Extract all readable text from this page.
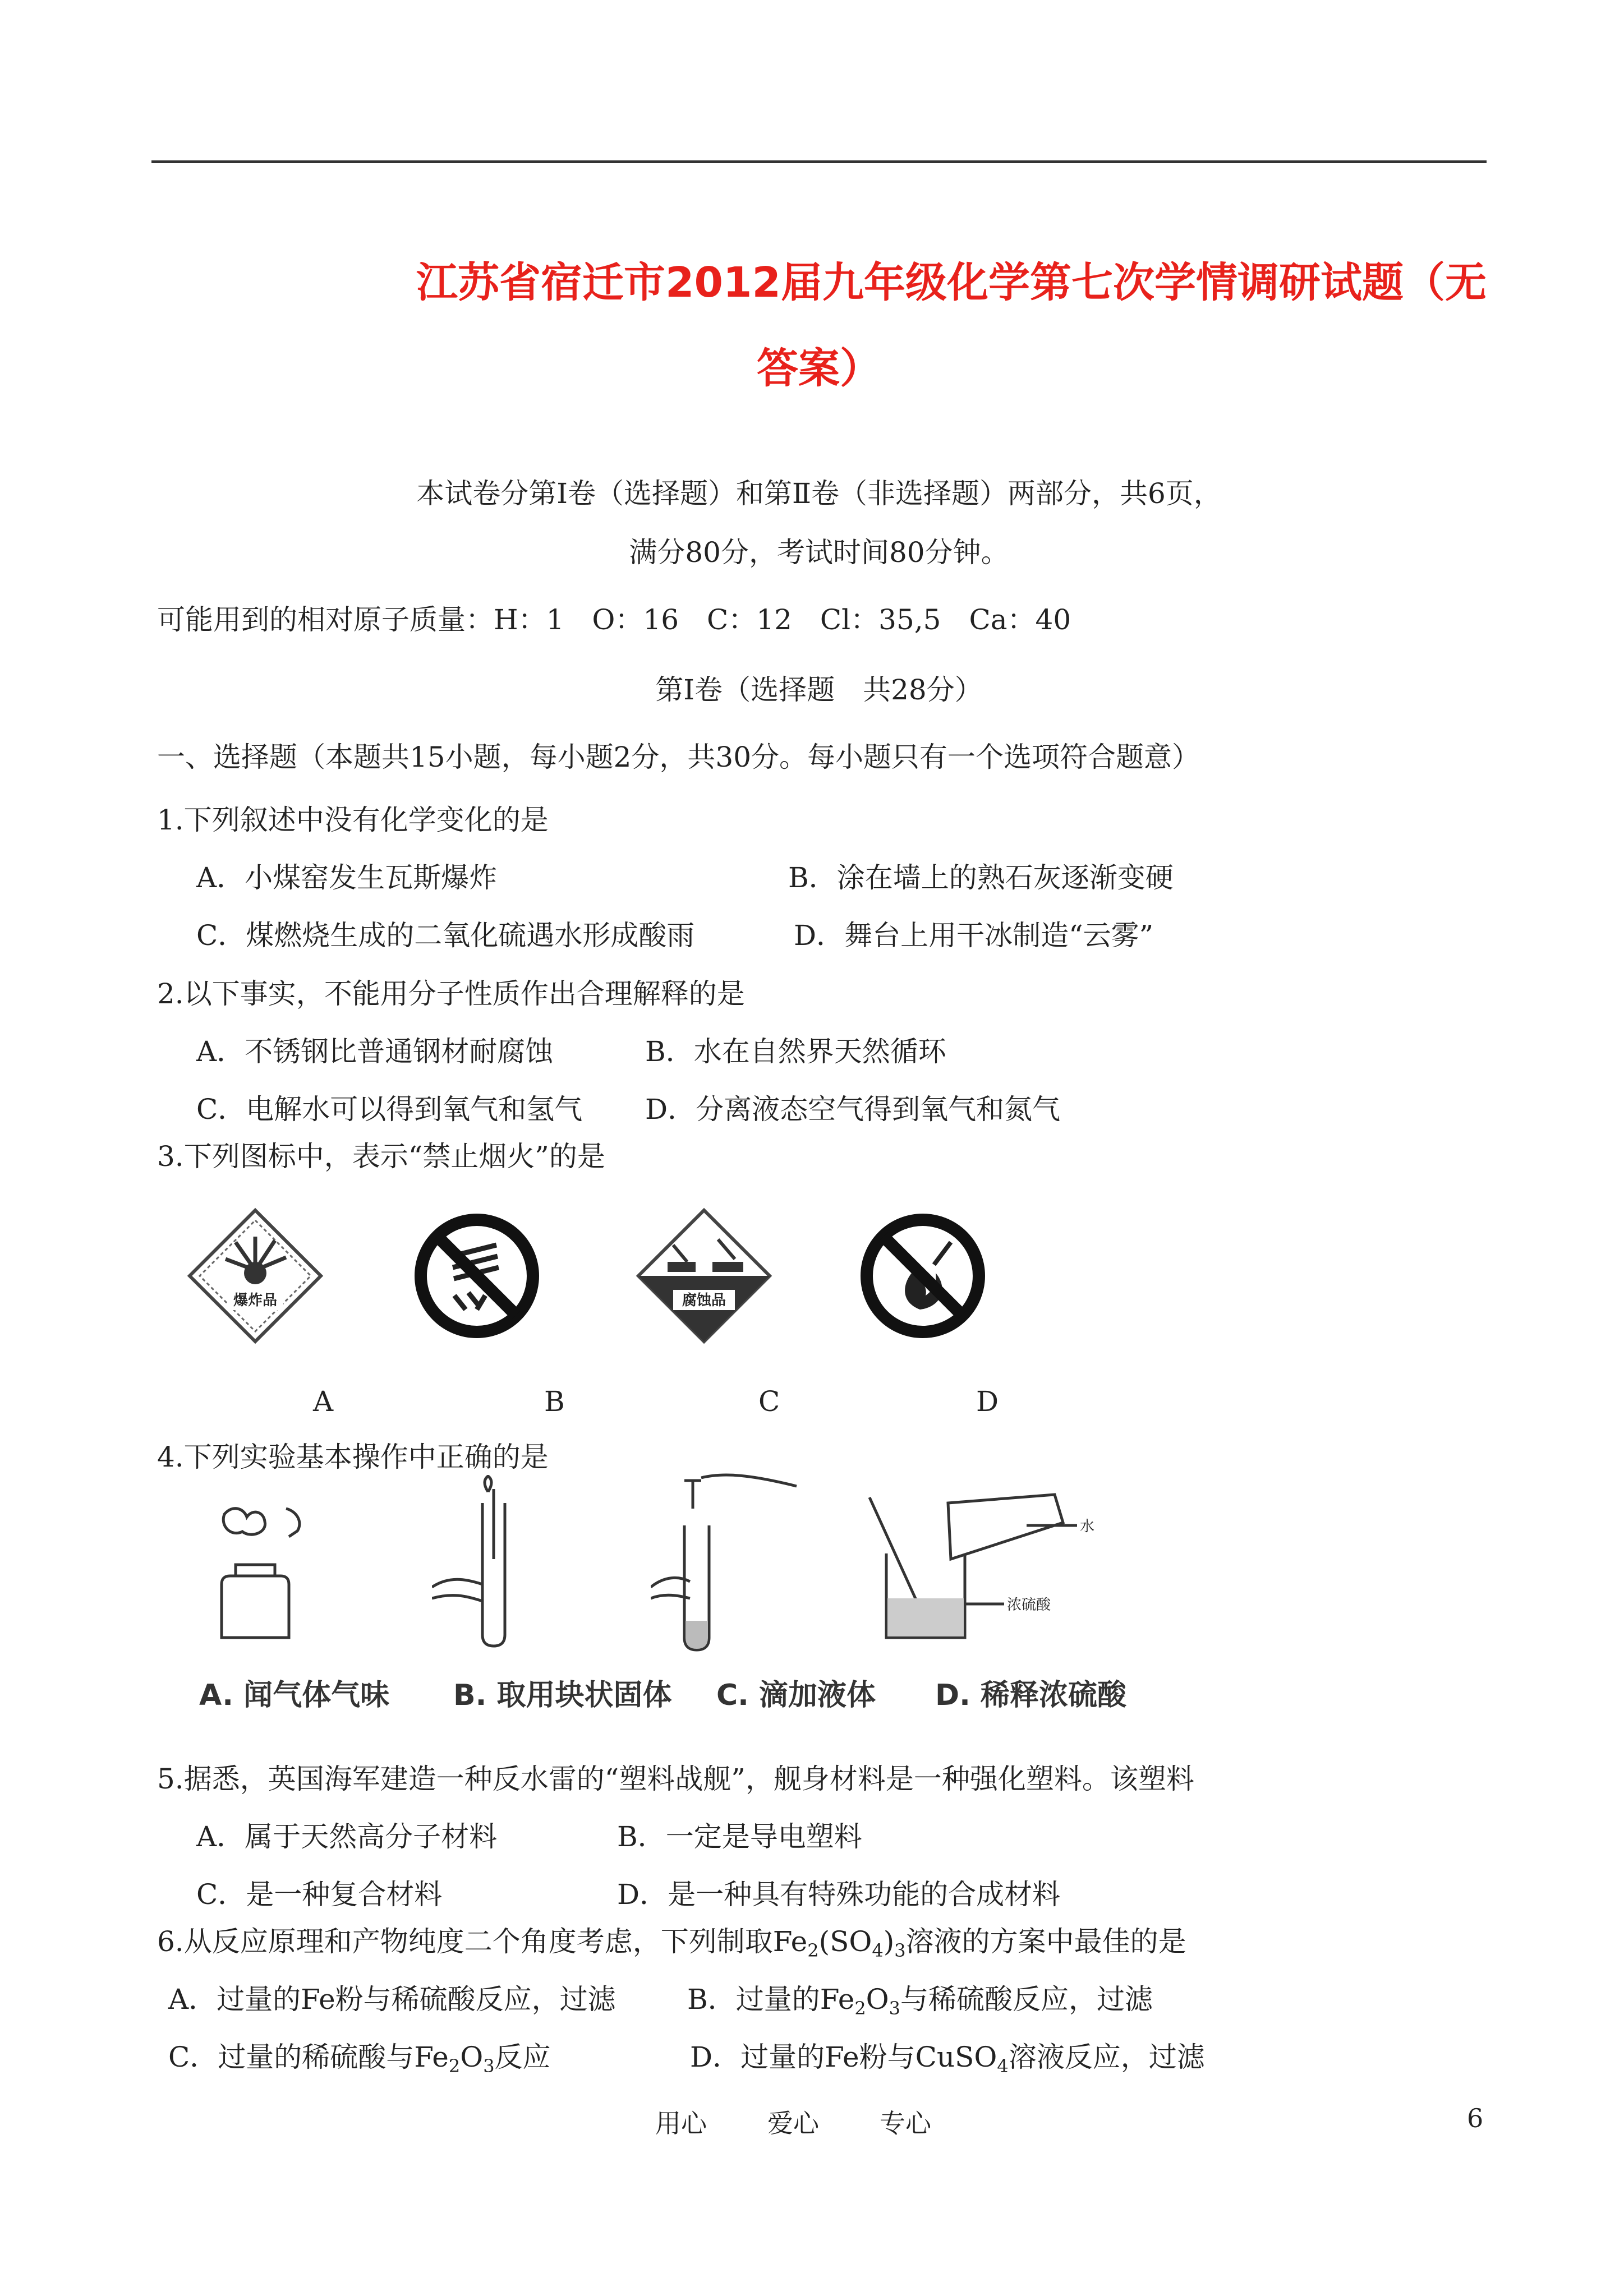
江苏省宿迁市2012届九年级化学第七次学情调研试题（无
答案）
本试卷分第Ⅰ卷（选择题）和第Ⅱ卷（非选择题）两部分，共6页，
满分80分，考试时间80分钟。
可能用到的相对原子质量：H：1　O：16　C：12　Cl：35,5　Ca：40
第Ⅰ卷（选择题　共28分）
一、选择题（本题共15小题，每小题2分，共30分。每小题只有一个选项符合题意）
1.下列叙述中没有化学变化的是
A．小煤窑发生瓦斯爆炸	B．涂在墙上的熟石灰逐渐变硬
C．煤燃烧生成的二氧化硫遇水形成酸雨	D．舞台上用干冰制造“云雾”
2.以下事实，不能用分子性质作出合理解释的是
A．不锈钢比普通钢材耐腐蚀	B．水在自然界天然循环
C．电解水可以得到氧气和氢气 D．分离液态空气得到氧气和氮气
3.下列图标中，表示“禁止烟火”的是
爆炸品	腐蚀品
A	B	C	D
4.下列实验基本操作中正确的是
水
浓硫酸
A. 闻气体气味 B. 取用块状固体 C. 滴加液体 D. 稀释浓硫酸
5.据悉，英国海军建造一种反水雷的“塑料战舰”，舰身材料是一种强化塑料。该塑料
A．属于天然高分子材料	B．一定是导电塑料
C．是一种复合材料	D．是一种具有特殊功能的合成材料
6.从反应原理和产物纯度二个角度考虑，下列制取$Fe_2(SO_4)_3$溶液的方案中最佳的是
A．过量的Fe粉与稀硫酸反应，过滤	B．过量的$Fe_2O_3$与稀硫酸反应，过滤
C．过量的稀硫酸与$Fe_2O_3$反应	D．过量的Fe粉与CuSO$_4$溶液反应，过滤
用心 爱心 专心	6
